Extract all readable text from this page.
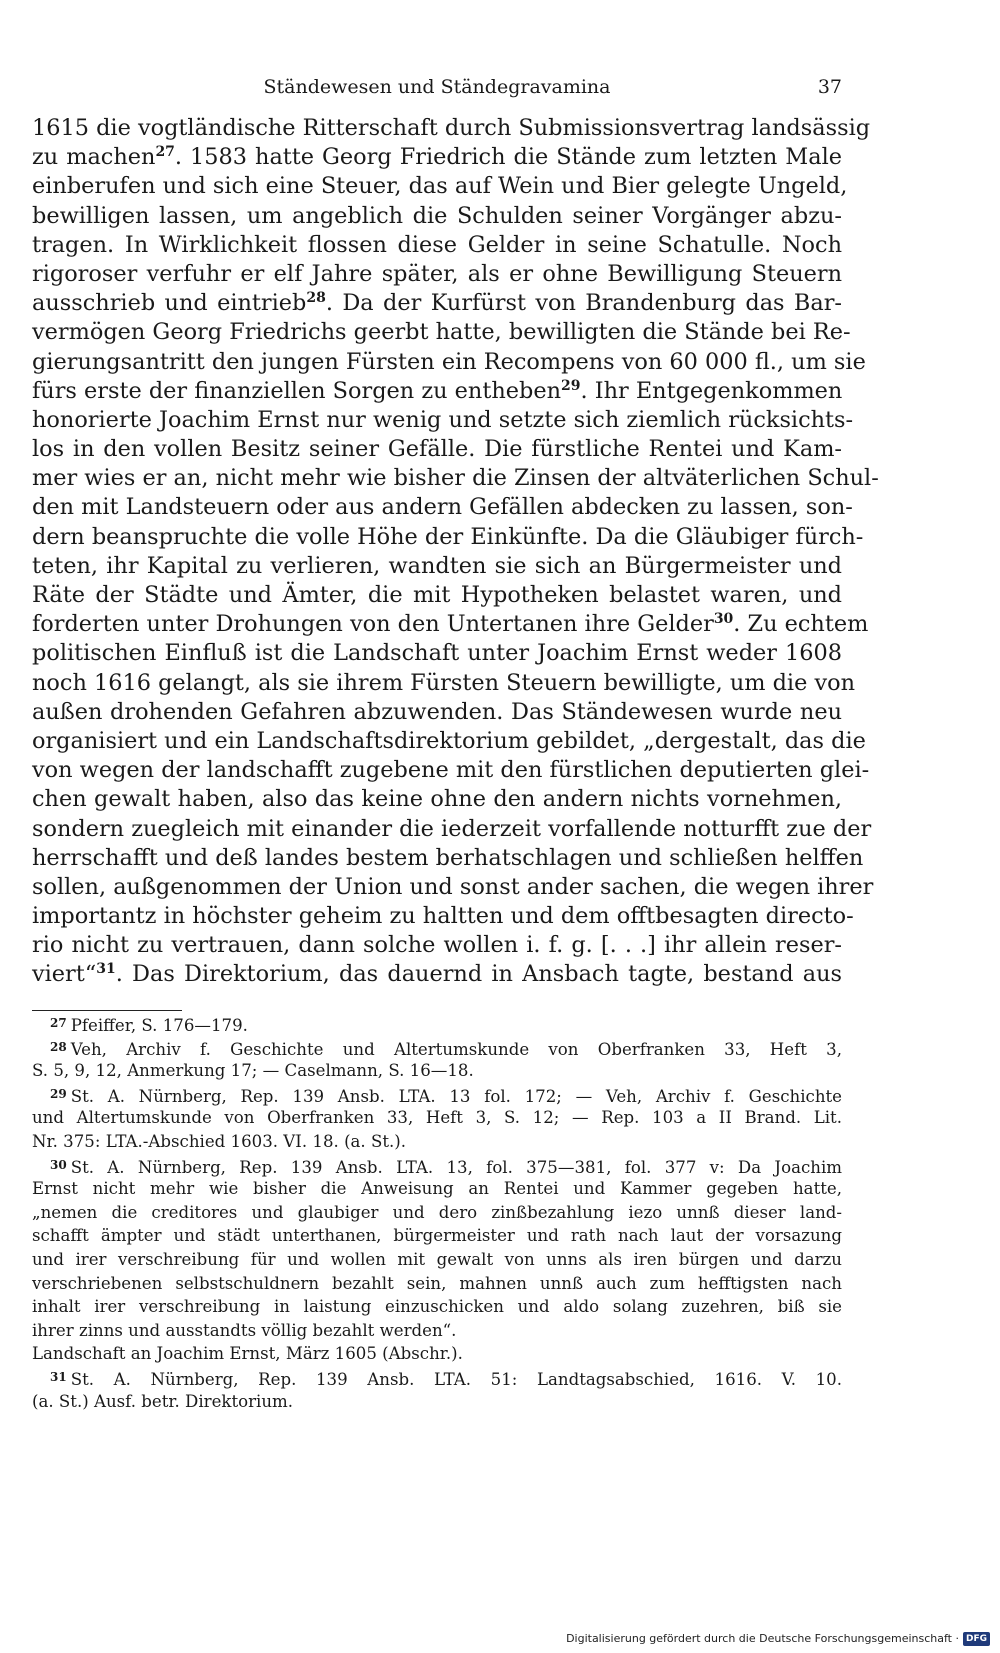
Ständewesen und Ständegravamina	37
1615 die vogtländische Ritterschaft durch Submissionsvertrag landsässig
zu machen$^{27}$. 1583 hatte Georg Friedrich die Stände zum letzten Male
einberufen und sich eine Steuer, das auf Wein und Bier gelegte Ungeld,
bewilligen lassen, um angeblich die Schulden seiner Vorgänger abzu-
tragen. In Wirklichkeit flossen diese Gelder in seine Schatulle. Noch
rigoroser verfuhr er elf Jahre später, als er ohne Bewilligung Steuern
ausschrieb und eintrieb$^{28}$. Da der Kurfürst von Brandenburg das Bar-
vermögen Georg Friedrichs geerbt hatte, bewilligten die Stände bei Re-
gierungsantritt den jungen Fürsten ein Recompens von 60 000 fl., um sie
fürs erste der finanziellen Sorgen zu entheben$^{29}$. Ihr Entgegenkommen
honorierte Joachim Ernst nur wenig und setzte sich ziemlich rücksichts-
los in den vollen Besitz seiner Gefälle. Die fürstliche Rentei und Kam-
mer wies er an, nicht mehr wie bisher die Zinsen der altväterlichen Schul-
den mit Landsteuern oder aus andern Gefällen abdecken zu lassen, son-
dern beanspruchte die volle Höhe der Einkünfte. Da die Gläubiger fürch-
teten, ihr Kapital zu verlieren, wandten sie sich an Bürgermeister und
Räte der Städte und Ämter, die mit Hypotheken belastet waren, und
forderten unter Drohungen von den Untertanen ihre Gelder$^{30}$. Zu echtem
politischen Einfluß ist die Landschaft unter Joachim Ernst weder 1608
noch 1616 gelangt, als sie ihrem Fürsten Steuern bewilligte, um die von
außen drohenden Gefahren abzuwenden. Das Ständewesen wurde neu
organisiert und ein Landschaftsdirektorium gebildet, „dergestalt, das die
von wegen der landschafft zugebene mit den fürstlichen deputierten glei-
chen gewalt haben, also das keine ohne den andern nichts vornehmen,
sondern zuegleich mit einander die iederzeit vorfallende notturfft zue der
herrschafft und deß landes bestem berhatschlagen und schließen helffen
sollen, außgenommen der Union und sonst ander sachen, die wegen ihrer
importantz in höchster geheim zu haltten und dem offtbesagten directo-
rio nicht zu vertrauen, dann solche wollen i. f. g. [. . .] ihr allein reser-
viert“$^{31}$. Das Direktorium, das dauernd in Ansbach tagte, bestand aus
$^{27}$ Pfeiffer, S. 176—179.
$^{28}$ Veh, Archiv f. Geschichte und Altertumskunde von Oberfranken 33, Heft 3,
S. 5, 9, 12, Anmerkung 17; — Caselmann, S. 16—18.
$^{29}$ St. A. Nürnberg, Rep. 139 Ansb. LTA. 13 fol. 172; — Veh, Archiv f. Geschichte
und Altertumskunde von Oberfranken 33, Heft 3, S. 12; — Rep. 103 a II Brand. Lit.
Nr. 375: LTA.-Abschied 1603. VI. 18. (a. St.).
$^{30}$ St. A. Nürnberg, Rep. 139 Ansb. LTA. 13, fol. 375—381, fol. 377 v: Da Joachim
Ernst nicht mehr wie bisher die Anweisung an Rentei und Kammer gegeben hatte,
„nemen die creditores und glaubiger und dero zinßbezahlung iezo unnß dieser land-
schafft ämpter und städt unterthanen, bürgermeister und rath nach laut der vorsazung
und irer verschreibung für und wollen mit gewalt von unns als iren bürgen und darzu
verschriebenen selbstschuldnern bezahlt sein, mahnen unnß auch zum hefftigsten nach
inhalt irer verschreibung in laistung einzuschicken und aldo solang zuzehren, biß sie
ihrer zinns und ausstandts völlig bezahlt werden“.
Landschaft an Joachim Ernst, März 1605 (Abschr.).
$^{31}$ St. A. Nürnberg, Rep. 139 Ansb. LTA. 51: Landtagsabschied, 1616. V. 10.
(a. St.) Ausf. betr. Direktorium.
Digitalisierung gefördert durch die Deutsche Forschungsgemeinschaft · DFG
